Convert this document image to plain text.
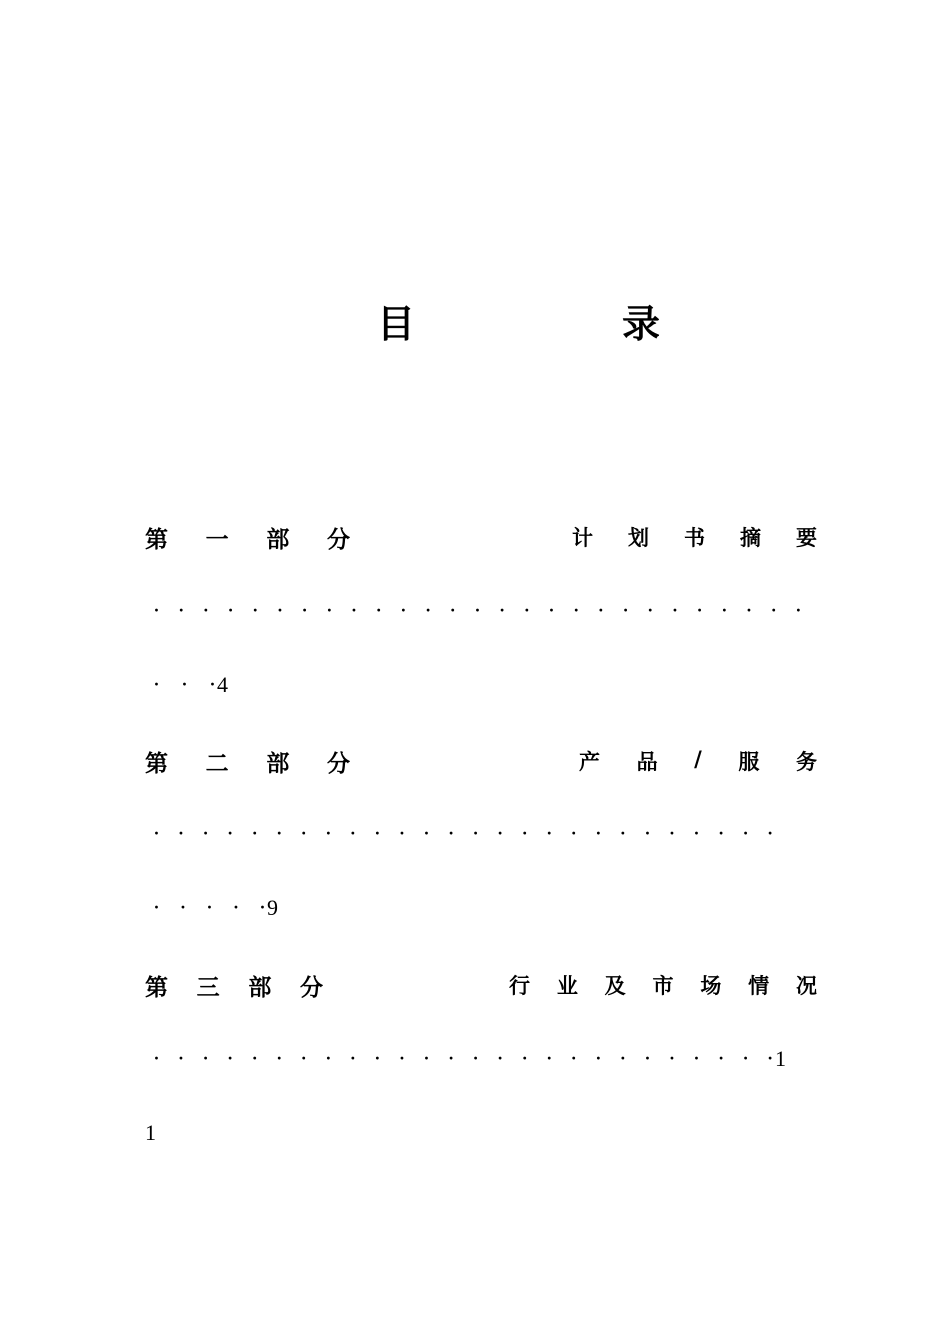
目	录
第 一 部 分	计 划 书 摘 要
· · · · · · · · · · · · · · · · · · · · · · · · · · ·
· · · 4
第 二 部 分	产 品 / 服 务
· · · · · · · · · · · · · · · · · · · · · · · · · ·
· · · · · 9
第 三 部 分	行 业 及 市 场 情 况
· · · · · · · · · · · · · · · · · · · · · · · · · · 1
1
